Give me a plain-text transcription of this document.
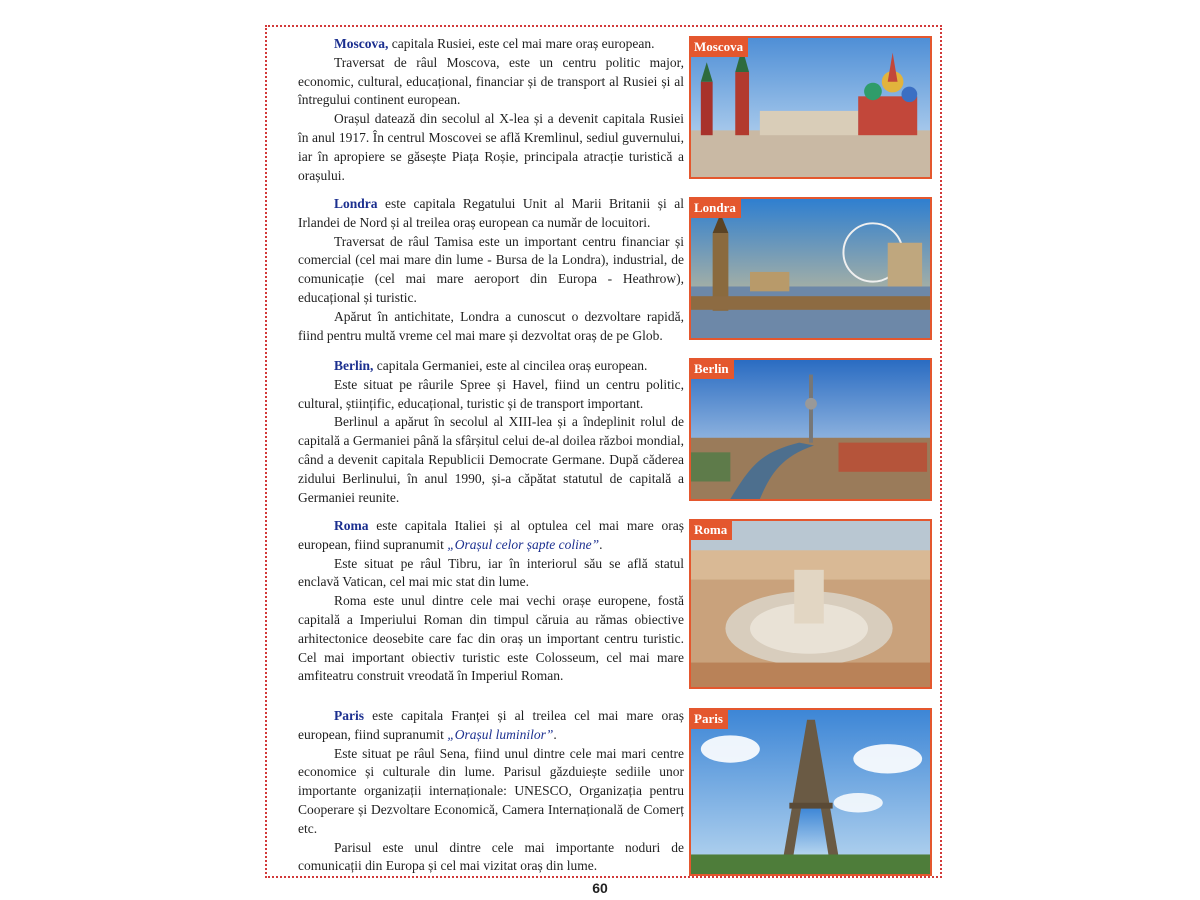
Moscova, capitala Rusiei, este cel mai mare oraș european.

Traversat de râul Moscova, este un centru politic major, economic, cultural, educațional, financiar și de transport al Rusiei și al întregului continent european.

Orașul datează din secolul al X-lea și a devenit capitala Rusiei în anul 1917. În centrul Moscovei se află Kremlinul, sediul guvernului, iar în apropiere se găsește Piața Roșie, principala atracție turistică a orașului.

Moscova

Londra este capitala Regatului Unit al Marii Britanii și al Irlandei de Nord și al treilea oraș european ca număr de locuitori.

Traversat de râul Tamisa este un important centru financiar și comercial (cel mai mare din lume - Bursa de la Londra), industrial, de comunicație (cel mai mare aeroport din Europa - Heathrow), educațional și turistic.

Apărut în antichitate, Londra a cunoscut o dezvoltare rapidă, fiind pentru multă vreme cel mai mare și dezvoltat oraș de pe Glob.

Londra

Berlin, capitala Germaniei, este al cincilea oraș european.

Este situat pe râurile Spree și Havel, fiind un centru politic, cultural, științific, educațional, turistic și de transport important.

Berlinul a apărut în secolul al XIII-lea și a îndeplinit rolul de capitală a Germaniei până la sfârșitul celui de-al doilea război mondial, când a devenit capitala Republicii Democrate Germane. După căderea zidului Berlinului, în anul 1990, și-a căpătat statutul de capitală a Germaniei reunite.

Berlin

Roma este capitala Italiei și al optulea cel mai mare oraș european, fiind supranumit „Orașul celor șapte coline”.

Este situat pe râul Tibru, iar în interiorul său se află statul enclavă Vatican, cel mai mic stat din lume.

Roma este unul dintre cele mai vechi orașe europene, fostă capitală a Imperiului Roman din timpul căruia au rămas obiective arhitectonice deosebite care fac din oraș un important centru turistic. Cel mai important obiectiv turistic este Colosseum, cel mai mare amfiteatru construit vreodată în Imperiul Roman.

Roma

Paris este capitala Franței și al treilea cel mai mare oraș european, fiind supranumit „Orașul luminilor”.

Este situat pe râul Sena, fiind unul dintre cele mai mari centre economice și culturale din lume. Parisul găzduiește sediile unor importante organizații internaționale: UNESCO, Organizația pentru Cooperare și Dezvoltare Economică, Camera Internațională de Comerț etc.

Parisul este unul dintre cele mai importante noduri de comunicații din Europa și cel mai vizitat oraș din lume.

Paris
60
